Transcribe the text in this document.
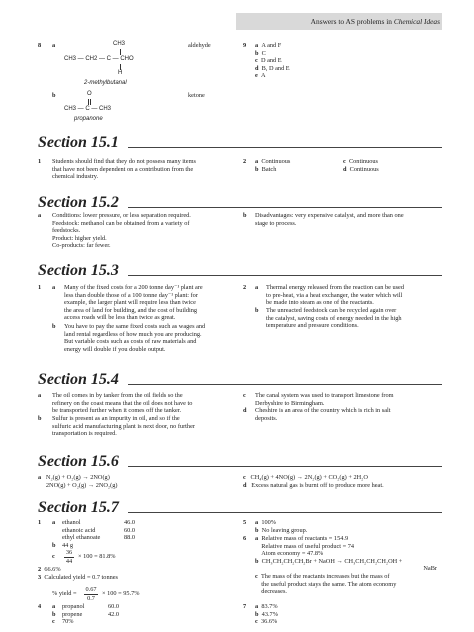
Answers to AS problems in Chemical Ideas
8 a	CH3
CH3 — CH2 — C — CHO
H
2-methylbutanal
aldehyde
b	O
CH3 — C — CH3
propanone
ketone
9 a A and F
b C
c D and E
d B, D and E
e A
Section 15.1
1 Students should find that they do not possess many items
that have not been dependent on a contribution from the
chemical industry.
2 a Continuous
b Batch
c Continuous
d Continuous
Section 15.2
a Conditions: lower pressure, or less separation required.
Feedstock: methanol can be obtained from a variety of
feedstocks.
Product: higher yield.
Co-products: far fewer.
b Disadvantages: very expensive catalyst, and more than one
stage to process.
Section 15.3
1 a Many of the fixed costs for a 200 tonne day⁻¹ plant are
less than double those of a 100 tonne day⁻¹ plant: for
example, the larger plant will require less than twice
the area of land for building, and the cost of building
access roads will be less than twice as great.
b You have to pay the same fixed costs such as wages and
land rental regardless of how much you are producing.
But variable costs such as costs of raw materials and
energy will double if you double output.
2 a Thermal energy released from the reaction can be used
to pre-heat, via a heat exchanger, the water which will
be made into steam as one of the reactants.
b The unreacted feedstock can be recycled again over
the catalyst, saving costs of energy needed in the high
temperature and pressure conditions.
Section 15.4
a The oil comes in by tanker from the oil fields so the
refinery on the coast means that the oil does not have to
be transported further when it comes off the tanker.
b Sulfur is present as an impurity in oil, and so if the
sulfuric acid manufacturing plant is next door, no further
transportation is required.
c The canal system was used to transport limestone from
Derbyshire to Birmingham.
d Cheshire is an area of the country which is rich in salt
deposits.
Section 15.6
a N₂(g) + O₂(g) → 2NO(g)
2NO(g) + O₂(g) → 2NO₂(g)
c CH₄(g) + 4NO(g) → 2N₂(g) + CO₂(g) + 2H₂O
d Excess natural gas is burnt off to produce more heat.
Section 15.7
1 a ethanol	46.0
ethanoic acid	60.0
ethyl ethanoate	88.0
b 44 g
c $\frac{36}{44} \times 100 = 81.8\%$
2 66.6%
3 Calculated yield = 0.7 tonnes
% yield = $\frac{0.67}{0.7} \times 100 = 95.7\%$
4 a propanol	60.0
b propene	42.0
c 70%
5 a 100%
b No leaving group.
6 a Relative mass of reactants = 154.9
Relative mass of useful product = 74
Atom economy = 47.8%
b CH₃CH₂CH₂CH₂Br + NaOH → CH₃CH₂CH₂CH₂OH +
NaBr
c The mass of the reactants increases but the mass of
the useful product stays the same. The atom economy
decreases.
7 a 83.7%
b 43.7%
c 36.6%
